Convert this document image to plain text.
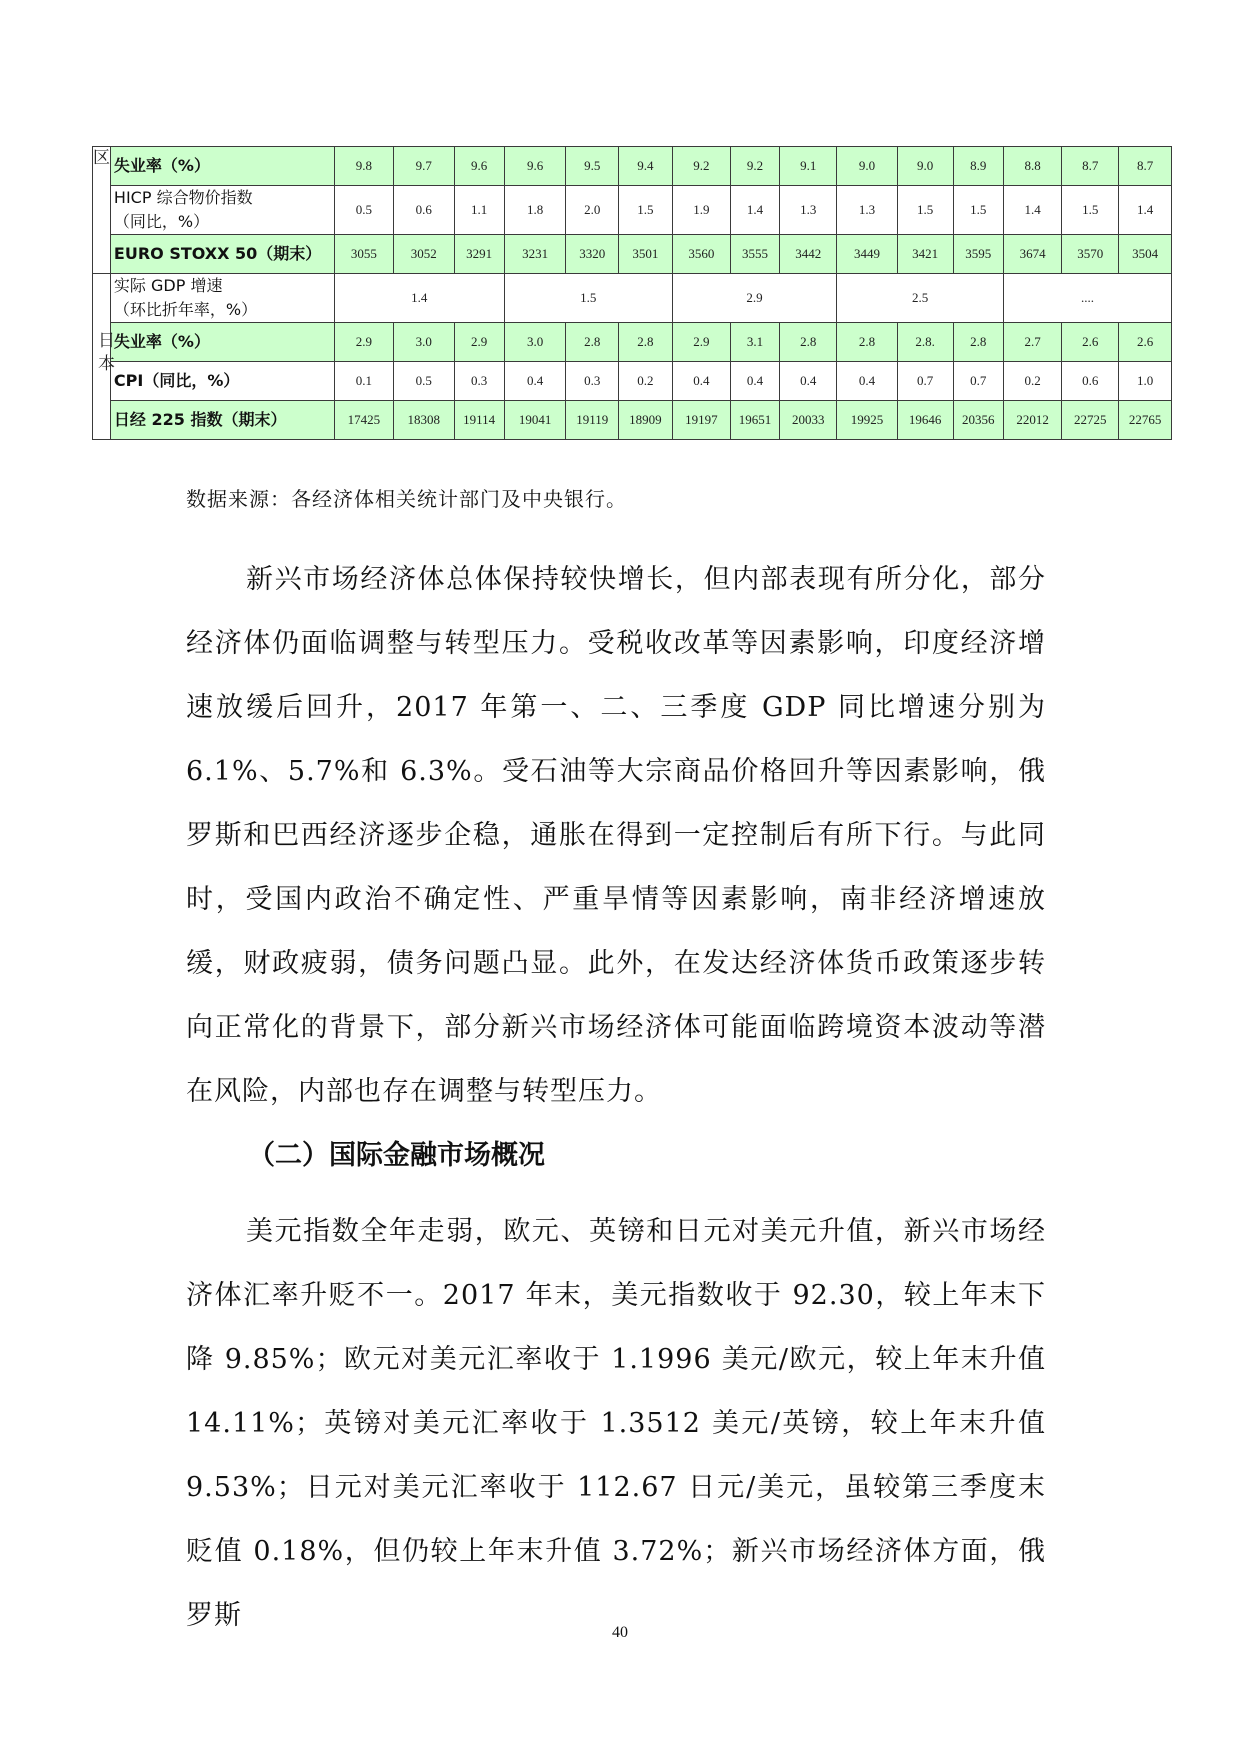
区	失业率（%）	9.8	9.7	9.6	9.6	9.5	9.4	9.2	9.2	9.1	9.0	9.0	8.9	8.8	8.7	8.7

	HICP 综合物价指数
（同比，%）	0.5	0.6	1.1	1.8	2.0	1.5	1.9	1.4	1.3	1.3	1.5	1.5	1.4	1.5	1.4
	EURO STOXX 50（期末）	3055	3052	3291	3231	3320	3501	3560	3555	3442	3449	3421	3595	3674	3570	3504
日本	实际 GDP 增速
（环比折年率，%）	1.4			1.5			2.9			2.5			....		
	失业率（%）	2.9	3.0	2.9	3.0	2.8	2.8	2.9	3.1	2.8	2.8	2.8.	2.8	2.7	2.6	2.6
	CPI（同比，%）	0.1	0.5	0.3	0.4	0.3	0.2	0.4	0.4	0.4	0.4	0.7	0.7	0.2	0.6	1.0
	日经 225 指数（期末）	17425	18308	19114	19041	19119	18909	19197	19651	20033	19925	19646	20356	22012	22725	22765
数据来源：各经济体相关统计部门及中央银行。

新兴市场经济体总体保持较快增长，但内部表现有所分化，部分经济体仍面临调整与转型压力。受税收改革等因素影响，印度经济增速放缓后回升，2017 年第一、二、三季度 GDP 同比增速分别为 6.1%、5.7%和 6.3%。受石油等大宗商品价格回升等因素影响，俄罗斯和巴西经济逐步企稳，通胀在得到一定控制后有所下行。与此同时，受国内政治不确定性、严重旱情等因素影响，南非经济增速放缓，财政疲弱，债务问题凸显。此外，在发达经济体货币政策逐步转向正常化的背景下，部分新兴市场经济体可能面临跨境资本波动等潜在风险，内部也存在调整与转型压力。

（二）国际金融市场概况

美元指数全年走弱，欧元、英镑和日元对美元升值，新兴市场经济体汇率升贬不一。2017 年末，美元指数收于 92.30，较上年末下降 9.85%；欧元对美元汇率收于 1.1996 美元/欧元，较上年末升值 14.11%；英镑对美元汇率收于 1.3512 美元/英镑，较上年末升值 9.53%；日元对美元汇率收于 112.67 日元/美元，虽较第三季度末贬值 0.18%，但仍较上年末升值 3.72%；新兴市场经济体方面，俄罗斯

40
